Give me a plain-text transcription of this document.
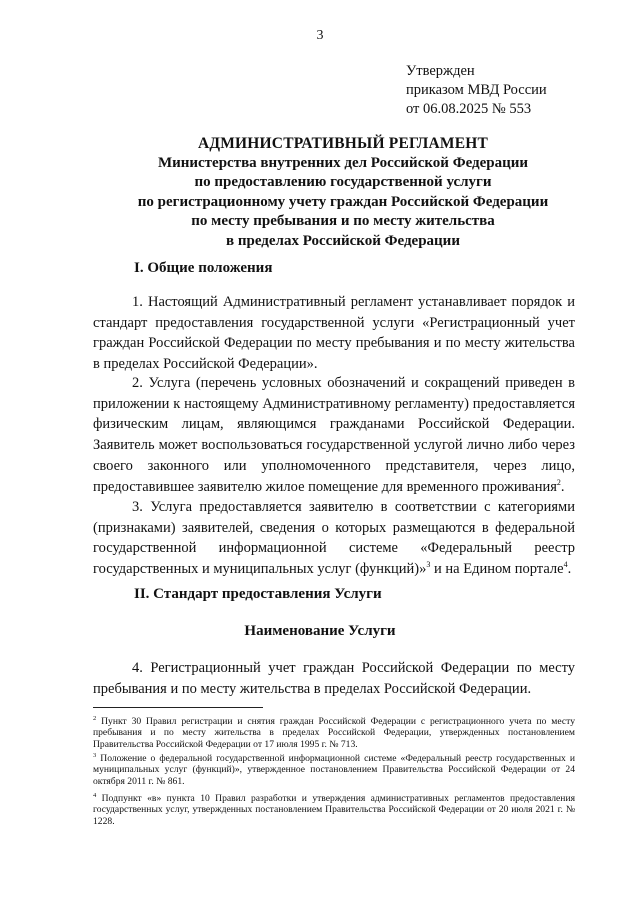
3
Утвержден
приказом МВД России
от 06.08.2025 № 553
АДМИНИСТРАТИВНЫЙ РЕГЛАМЕНТ
Министерства внутренних дел Российской Федерации
по предоставлению государственной услуги
по регистрационному учету граждан Российской Федерации
по месту пребывания и по месту жительства
в пределах Российской Федерации
I. Общие положения

1. Настоящий Административный регламент устанавливает порядок и стандарт предоставления государственной услуги «Регистрационный учет граждан Российской Федерации по месту пребывания и по месту жительства в пределах Российской Федерации».

2. Услуга (перечень условных обозначений и сокращений приведен в приложении к настоящему Административному регламенту) предоставляется физическим лицам, являющимся гражданами Российской Федерации. Заявитель может воспользоваться государственной услугой лично либо через своего законного или уполномоченного представителя, через лицо, предоставившее заявителю жилое помещение для временного проживания$^2$.

3. Услуга предоставляется заявителю в соответствии с категориями (признаками) заявителей, сведения о которых размещаются в федеральной государственной информационной системе «Федеральный реестр государственных и муниципальных услуг (функций)»$^3$ и на Едином портале$^4$.

II. Стандарт предоставления Услуги
Наименование Услуги

4. Регистрационный учет граждан Российской Федерации по месту пребывания и по месту жительства в пределах Российской Федерации.

$^2$ Пункт 30 Правил регистрации и снятия граждан Российской Федерации с регистрационного учета по месту пребывания и по месту жительства в пределах Российской Федерации, утвержденных постановлением Правительства Российской Федерации от 17 июля 1995 г. № 713.

$^3$ Положение о федеральной государственной информационной системе «Федеральный реестр государственных и муниципальных услуг (функций)», утвержденное постановлением Правительства Российской Федерации от 24 октября 2011 г. № 861.

$^4$ Подпункт «в» пункта 10 Правил разработки и утверждения административных регламентов предоставления государственных услуг, утвержденных постановлением Правительства Российской Федерации от 20 июля 2021 г. № 1228.
